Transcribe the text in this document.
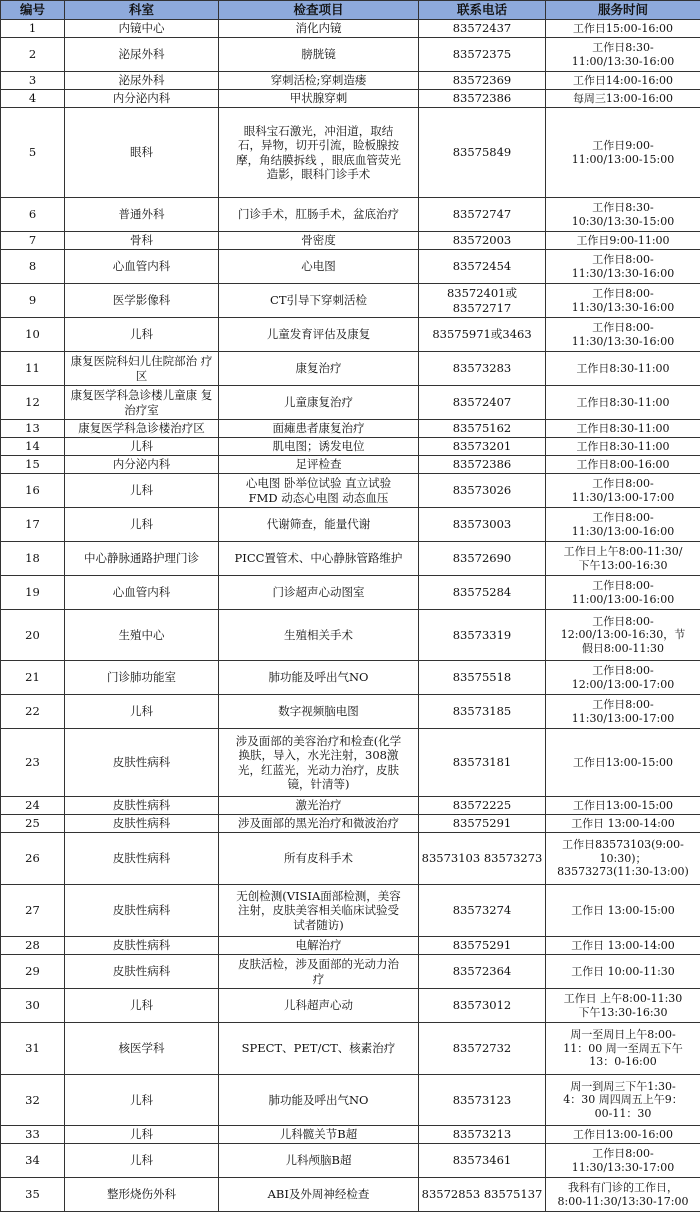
编号	科室	检查项目	联系电话	服务时间
1	内镜中心	消化内镜	83572437	工作日15:00-16:00
2	泌尿外科	膀胱镜	83572375	工作日8:30-
11:00/13:30-16:00
3	泌尿外科	穿刺活检;穿刺造瘘	83572369	工作日14:00-16:00
4	内分泌内科	甲状腺穿刺	83572386	每周三13:00-16:00
5	眼科	眼科宝石激光，冲泪道，取结
石，异物，切开引流，睑板腺按
摩，角结膜拆线 ，眼底血管荧光
造影，眼科门诊手术	83575849	工作日9:00-
11:00/13:00-15:00
6	普通外科	门诊手术，肛肠手术，盆底治疗	83572747	工作日8:30-
10:30/13:30-15:00
7	骨科	骨密度	83572003	工作日9:00-11:00
8	心血管内科	心电图	83572454	工作日8:00-
11:30/13:30-16:00
9	医学影像科	CT引导下穿刺活检	83572401或83572717	工作日8:00-
11:30/13:30-16:00
10	儿科	儿童发育评估及康复	83575971或3463	工作日8:00-
11:30/13:30-16:00
11	康复医院科妇儿住院部治 疗区	康复治疗	83573283	工作日8:30-11:00
12	康复医学科急诊楼儿童康 复治疗室	儿童康复治疗	83572407	工作日8:30-11:00
13	康复医学科急诊楼治疗区	面瘫患者康复治疗	83575162	工作日8:30-11:00
14	儿科	肌电图；诱发电位	83573201	工作日8:30-11:00
15	内分泌内科	足评检查	83572386	工作日8:00-16:00
16	儿科	心电图 卧举位试验 直立试验
FMD 动态心电图 动态血压	83573026	工作日8:00-
11:30/13:00-17:00
17	儿科	代谢筛查，能量代谢	83573003	工作日8:00-
11:30/13:00-16:00
18	中心静脉通路护理门诊	PICC置管术、中心静脉管路维护	83572690	工作日上午8:00-11:30/
下午13:00-16:30
19	心血管内科	门诊超声心动图室	83575284	工作日8:00-
11:00/13:00-16:00
20	生殖中心	生殖相关手术	83573319	工作日8:00-
12:00/13:00-16:30，节
假日8:00-11:30
21	门诊肺功能室	肺功能及呼出气NO	83575518	工作日8:00-
12:00/13:00-17:00
22	儿科	数字视频脑电图	83573185	工作日8:00-
11:30/13:00-17:00
23	皮肤性病科	涉及面部的美容治疗和检查(化学
换肤，导入，水光注射，308激
光，红蓝光，光动力治疗，皮肤
镜，针清等)	83573181	工作日13:00-15:00
24	皮肤性病科	激光治疗	83572225	工作日13:00-15:00
25	皮肤性病科	涉及面部的黑光治疗和微波治疗	83575291	工作日 13:00-14:00
26	皮肤性病科	所有皮科手术	83573103 83573273	工作日83573103(9:00-
10:30)；
83573273(11:30-13:00)
27	皮肤性病科	无创检测(VISIA面部检测，美容
注射，皮肤美容相关临床试验受
试者随访)	83573274	工作日 13:00-15:00
28	皮肤性病科	电解治疗	83575291	工作日 13:00-14:00
29	皮肤性病科	皮肤活检，涉及面部的光动力治
疗	83572364	工作日 10:00-11:30
30	儿科	儿科超声心动	83573012	工作日 上午8:00-11:30
下午13:30-16:30
31	核医学科	SPECT、PET/CT、核素治疗	83572732	周一至周日上午8:00-
11：00 周一至周五下午
13：0-16:00
32	儿科	肺功能及呼出气NO	83573123	周一到周三下午1:30-
4：30 周四周五上午9：
00-11：30
33	儿科	儿科髋关节B超	83573213	工作日13:00-16:00
34	儿科	儿科颅脑B超	83573461	工作日8:00-
11:30/13:30-17:00
35	整形烧伤外科	ABI及外周神经检查	83572853 83575137	我科有门诊的工作日，
8:00-11:30/13:30-17:00
